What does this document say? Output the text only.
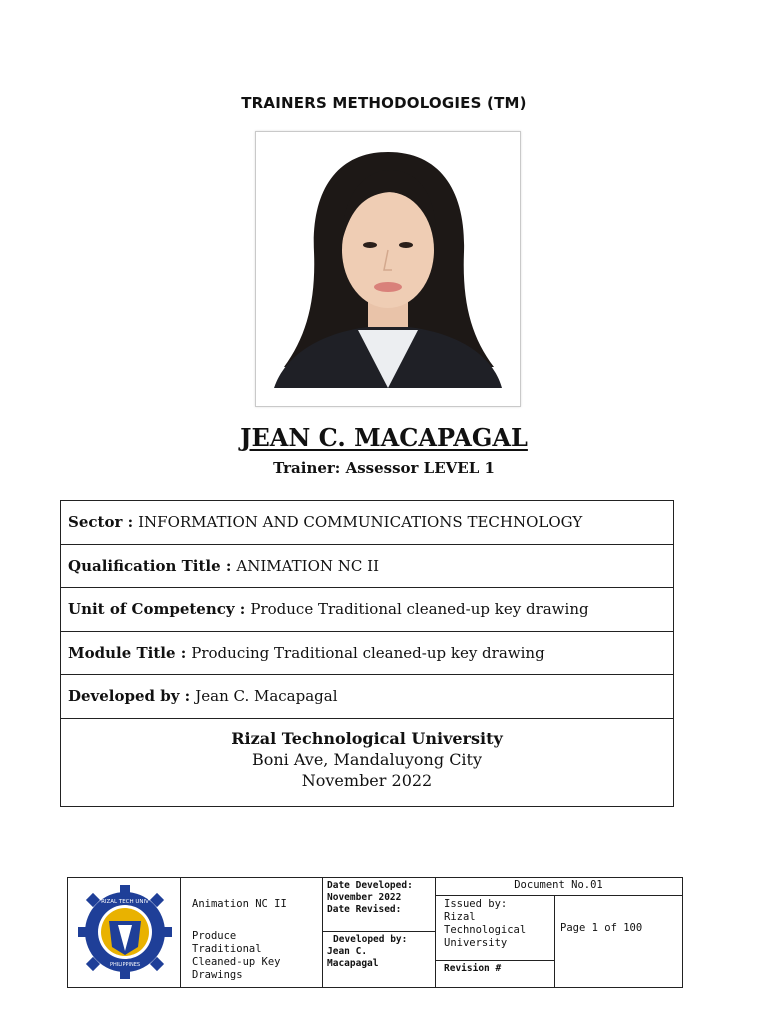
TRAINERS METHODOLOGIES (TM)
JEAN C. MACAPAGAL
Trainer: Assessor LEVEL 1
Sector : INFORMATION AND COMMUNICATIONS TECHNOLOGY
Qualification Title : ANIMATION NC II
Unit of Competency : Produce Traditional cleaned-up key drawing
Module Title : Producing Traditional cleaned-up key drawing
Developed by : Jean C. Macapagal
Rizal Technological University
Boni Ave, Mandaluyong City
November 2022
RIZAL TECH UNIV
PHILIPPINES
Animation NC II
Produce
Traditional
Cleaned-up Key
Drawings
Date Developed:
November 2022
Date Revised:
Developed by:
Jean C.
Macapagal
Document No.01
Issued by:
Rizal
Technological
University
Revision #
Page 1 of 100
